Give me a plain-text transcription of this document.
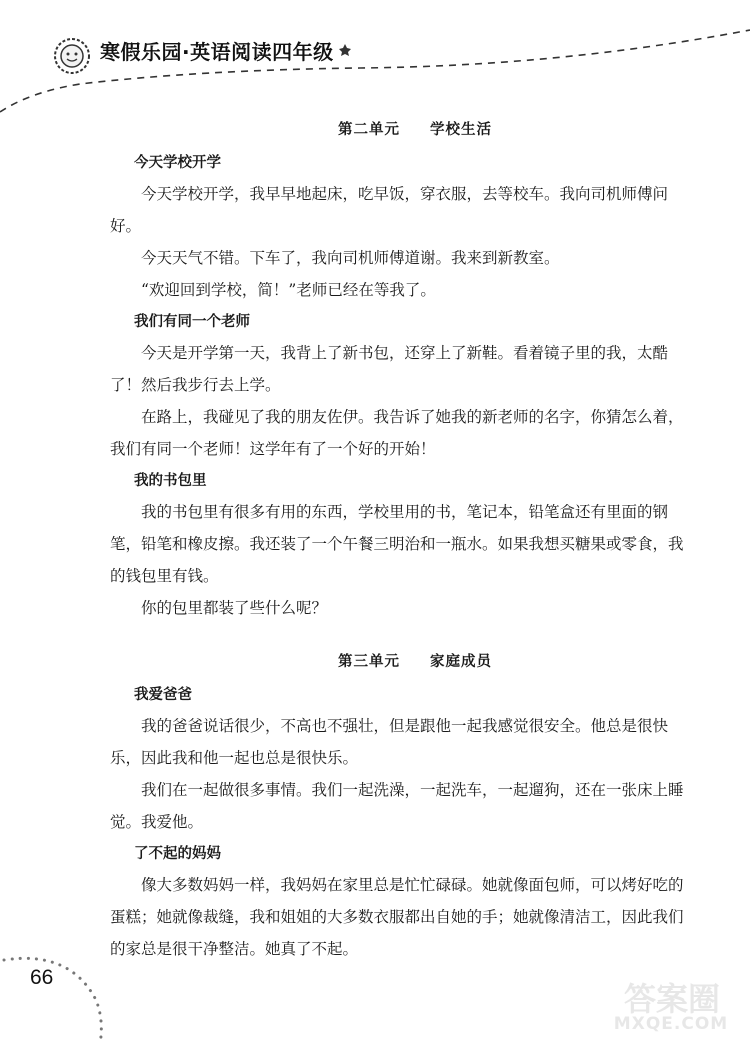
寒假乐园·英语阅读四年级

第二单元 学校生活

今天学校开学

今天学校开学，我早早地起床，吃早饭，穿衣服，去等校车。我向司机师傅问好。

今天天气不错。下车了，我向司机师傅道谢。我来到新教室。

“欢迎回到学校，简！”老师已经在等我了。

我们有同一个老师

今天是开学第一天，我背上了新书包，还穿上了新鞋。看着镜子里的我，太酷了！然后我步行去上学。

在路上，我碰见了我的朋友佐伊。我告诉了她我的新老师的名字，你猜怎么着，我们有同一个老师！这学年有了一个好的开始！

我的书包里

我的书包里有很多有用的东西，学校里用的书，笔记本，铅笔盒还有里面的钢笔，铅笔和橡皮擦。我还装了一个午餐三明治和一瓶水。如果我想买糖果或零食，我的钱包里有钱。

你的包里都装了些什么呢？

第三单元 家庭成员

我爱爸爸

我的爸爸说话很少，不高也不强壮，但是跟他一起我感觉很安全。他总是很快乐，因此我和他一起也总是很快乐。

我们在一起做很多事情。我们一起洗澡，一起洗车，一起遛狗，还在一张床上睡觉。我爱他。

了不起的妈妈

像大多数妈妈一样，我妈妈在家里总是忙忙碌碌。她就像面包师，可以烤好吃的蛋糕；她就像裁缝，我和姐姐的大多数衣服都出自她的手；她就像清洁工，因此我们的家总是很干净整洁。她真了不起。

66
答案圈
MXQE.COM
